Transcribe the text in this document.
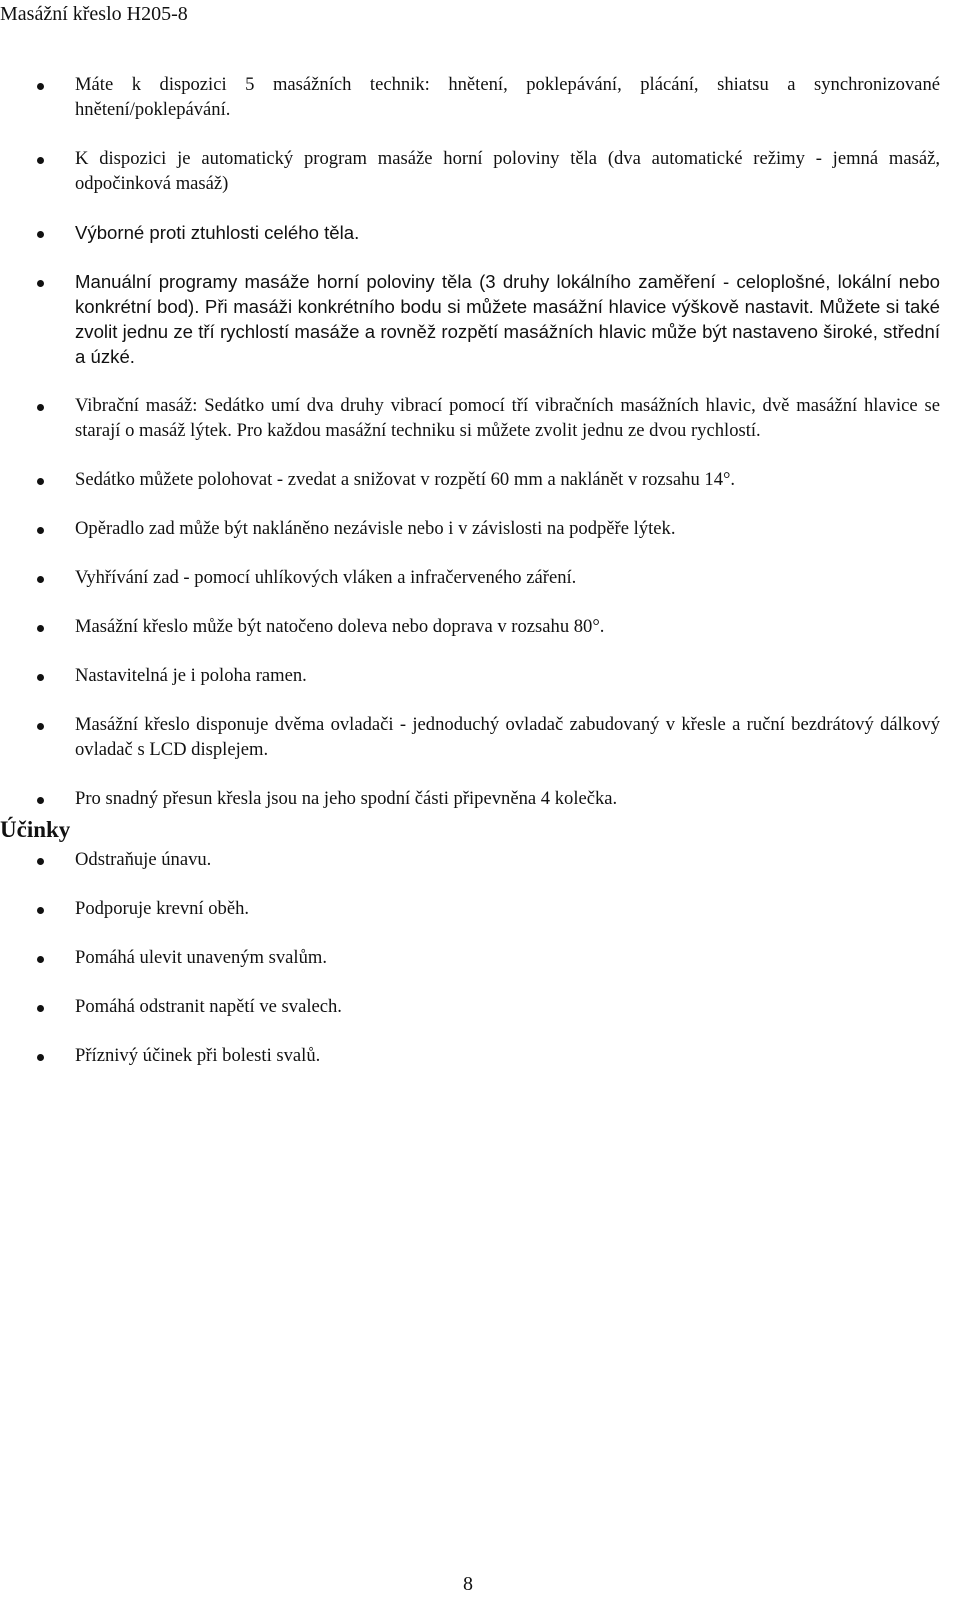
Masážní křeslo H205-8
Máte k dispozici 5 masážních technik: hnětení, poklepávání, plácání, shiatsu a synchronizované hnětení/poklepávání.
K dispozici je automatický program masáže horní poloviny těla (dva automatické režimy - jemná masáž, odpočinková masáž)
Výborné proti ztuhlosti celého těla.
Manuální programy masáže horní poloviny těla (3 druhy lokálního zaměření - celoplošné, lokální nebo konkrétní bod). Při masáži konkrétního bodu si můžete masážní hlavice výškově nastavit. Můžete si také zvolit jednu ze tří rychlostí masáže a rovněž rozpětí masážních hlavic může být nastaveno široké, střední a úzké.
Vibrační masáž: Sedátko umí dva druhy vibrací pomocí tří vibračních masážních hlavic, dvě masážní hlavice se starají o masáž lýtek. Pro každou masážní techniku si můžete zvolit jednu ze dvou rychlostí.
Sedátko můžete polohovat - zvedat a snižovat v rozpětí 60 mm a naklánět v rozsahu 14°.
Opěradlo zad může být nakláněno nezávisle nebo i v závislosti na podpěře lýtek.
Vyhřívání zad - pomocí uhlíkových vláken a infračerveného záření.
Masážní křeslo může být natočeno doleva nebo doprava v rozsahu 80°.
Nastavitelná je i poloha ramen.
Masážní křeslo disponuje dvěma ovladači - jednoduchý ovladač zabudovaný v křesle a ruční bezdrátový dálkový ovladač s LCD displejem.
Pro snadný přesun křesla jsou na jeho spodní části připevněna 4 kolečka.
Účinky
Odstraňuje únavu.
Podporuje krevní oběh.
Pomáhá ulevit unaveným svalům.
Pomáhá odstranit napětí ve svalech.
Příznivý účinek při bolesti svalů.

8
